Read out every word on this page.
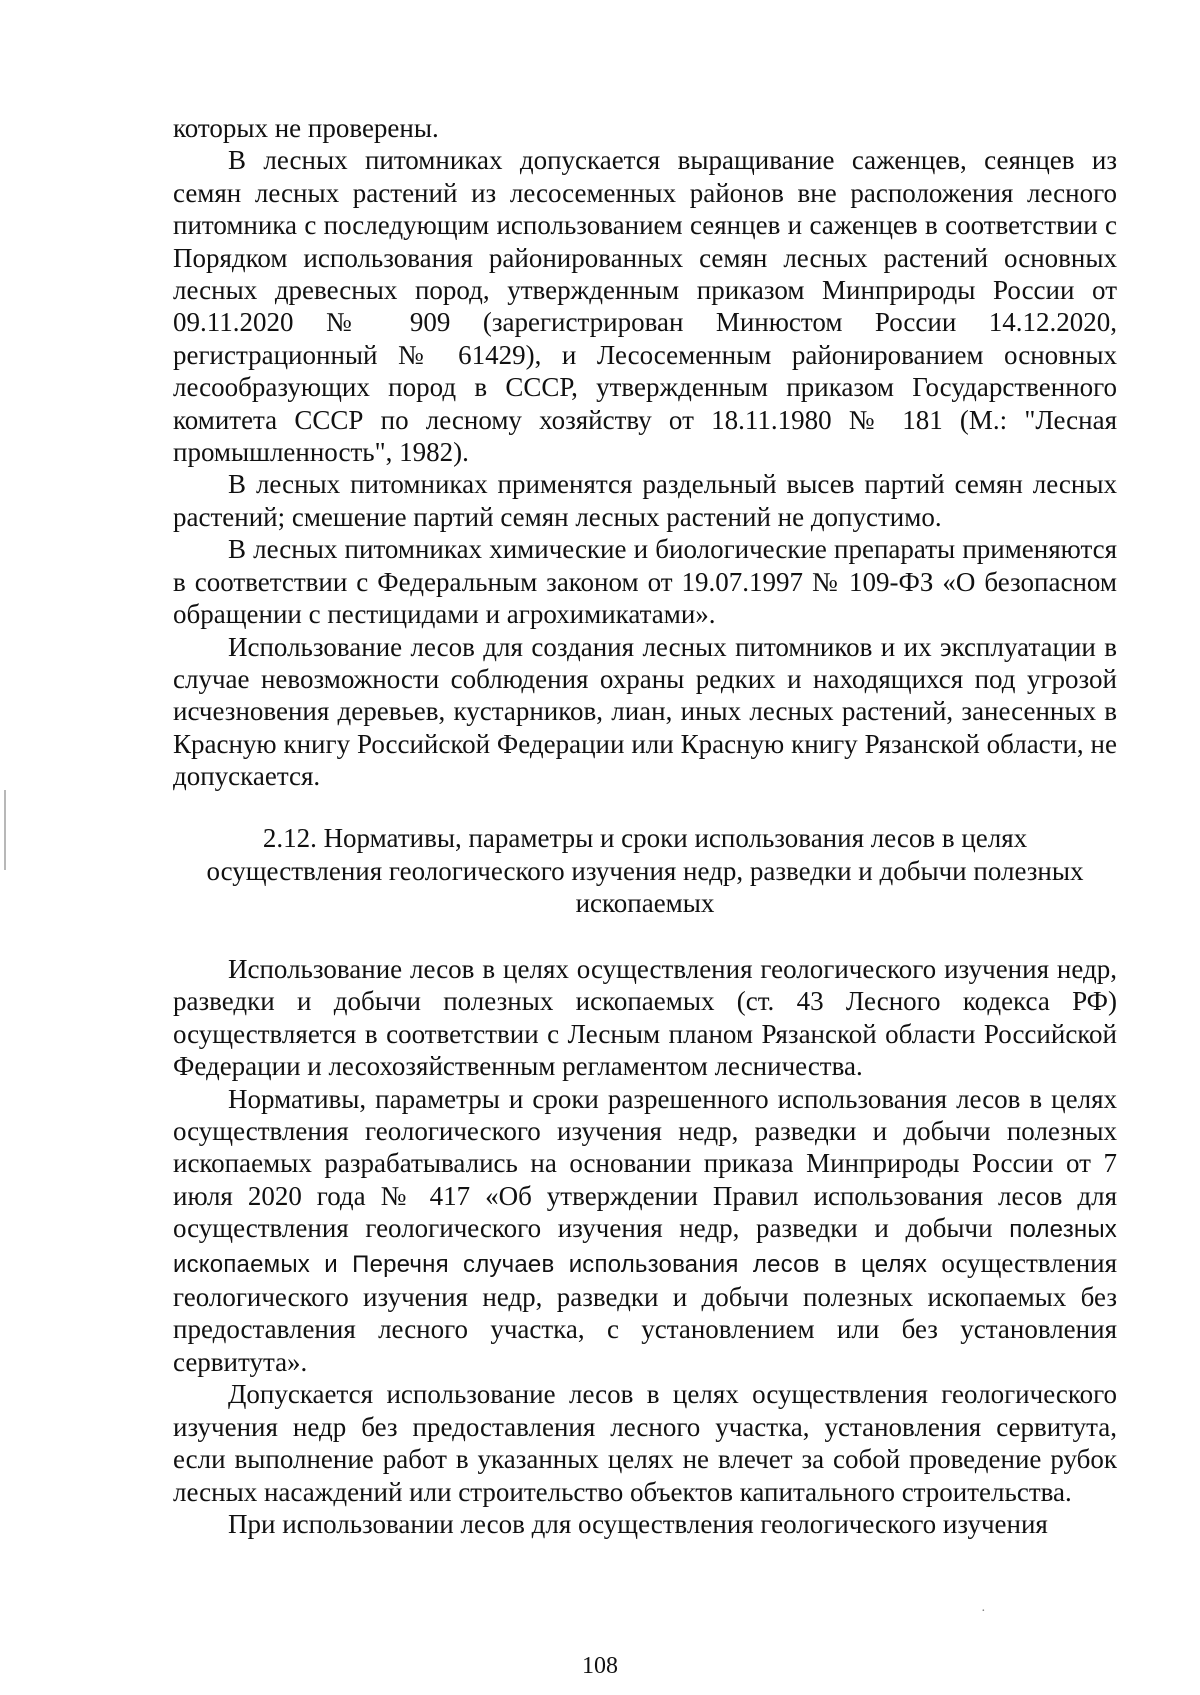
которых не проверены.

В лесных питомниках допускается выращивание саженцев, сеянцев из семян лесных растений из лесосеменных районов вне расположения лесного питомника с последующим использованием сеянцев и саженцев в соответствии с Порядком использования районированных семян лесных растений основных лесных древесных пород, утвержденным приказом Минприроды России от 09.11.2020 № 909 (зарегистрирован Минюстом России 14.12.2020, регистрационный № 61429), и Лесосеменным районированием основных лесообразующих пород в СССР, утвержденным приказом Государственного комитета СССР по лесному хозяйству от 18.11.1980 № 181 (М.: "Лесная промышленность", 1982).

В лесных питомниках применятся раздельный высев партий семян лесных растений; смешение партий семян лесных растений не допустимо.

В лесных питомниках химические и биологические препараты применяются в соответствии с Федеральным законом от 19.07.1997 № 109-ФЗ «О безопасном обращении с пестицидами и агрохимикатами».

Использование лесов для создания лесных питомников и их эксплуатации в случае невозможности соблюдения охраны редких и находящихся под угрозой исчезновения деревьев, кустарников, лиан, иных лесных растений, занесенных в Красную книгу Российской Федерации или Красную книгу Рязанской области, не допускается.

2.12. Нормативы, параметры и сроки использования лесов в целях

осуществления геологического изучения недр, разведки и добычи полезных

ископаемых

Использование лесов в целях осуществления геологического изучения недр, разведки и добычи полезных ископаемых (ст. 43 Лесного кодекса РФ) осуществляется в соответствии с Лесным планом Рязанской области Российской Федерации и лесохозяйственным регламентом лесничества.

Нормативы, параметры и сроки разрешенного использования лесов в целях осуществления геологического изучения недр, разведки и добычи полезных ископаемых разрабатывались на основании приказа Минприроды России от 7 июля 2020 года № 417 «Об утверждении Правил использования лесов для осуществления геологического изучения недр, разведки и добычи полезных ископаемых и Перечня случаев использования лесов в целях осуществления геологического изучения недр, разведки и добычи полезных ископаемых без предоставления лесного участка, с установлением или без установления сервитута».

Допускается использование лесов в целях осуществления геологического изучения недр без предоставления лесного участка, установления сервитута, если выполнение работ в указанных целях не влечет за собой проведение рубок лесных насаждений или строительство объектов капитального строительства.

При использовании лесов для осуществления геологического изучения

·
108
